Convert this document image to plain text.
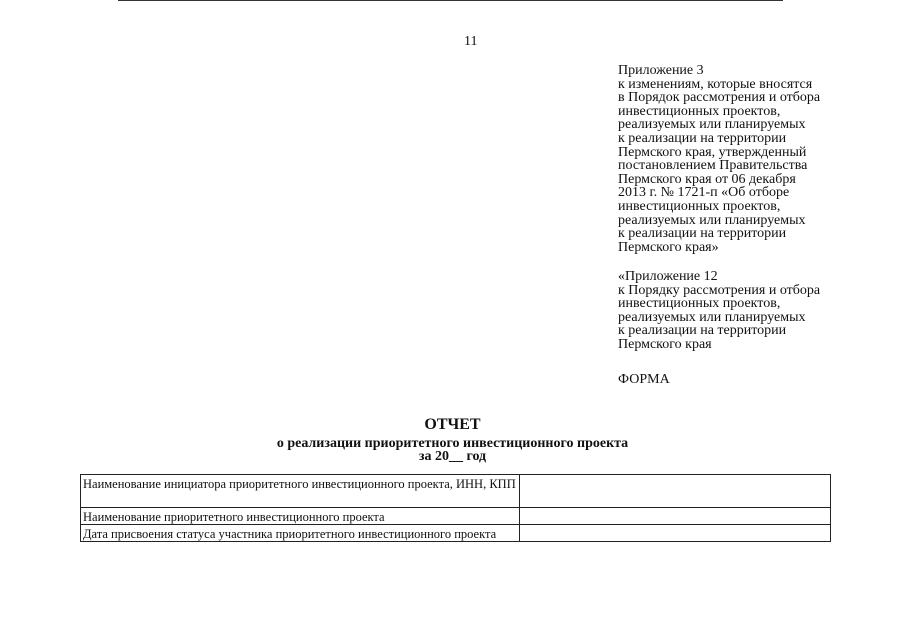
11
Приложение 3
к изменениям, которые вносятся
в Порядок рассмотрения и отбора
инвестиционных проектов,
реализуемых или планируемых
к реализации на территории
Пермского края, утвержденный
постановлением Правительства
Пермского края от 06 декабря
2013 г. № 1721-п «Об отборе
инвестиционных проектов,
реализуемых или планируемых
к реализации на территории
Пермского края»
«Приложение 12
к Порядку рассмотрения и отбора
инвестиционных проектов,
реализуемых или планируемых
к реализации на территории
Пермского края
ФОРМА
ОТЧЕТ
о реализации приоритетного инвестиционного проекта
за 20__ год
Наименование инициатора приоритетного инвестиционного проекта, ИНН, КПП	
Наименование приоритетного инвестиционного проекта	
Дата присвоения статуса участника приоритетного инвестиционного проекта	
